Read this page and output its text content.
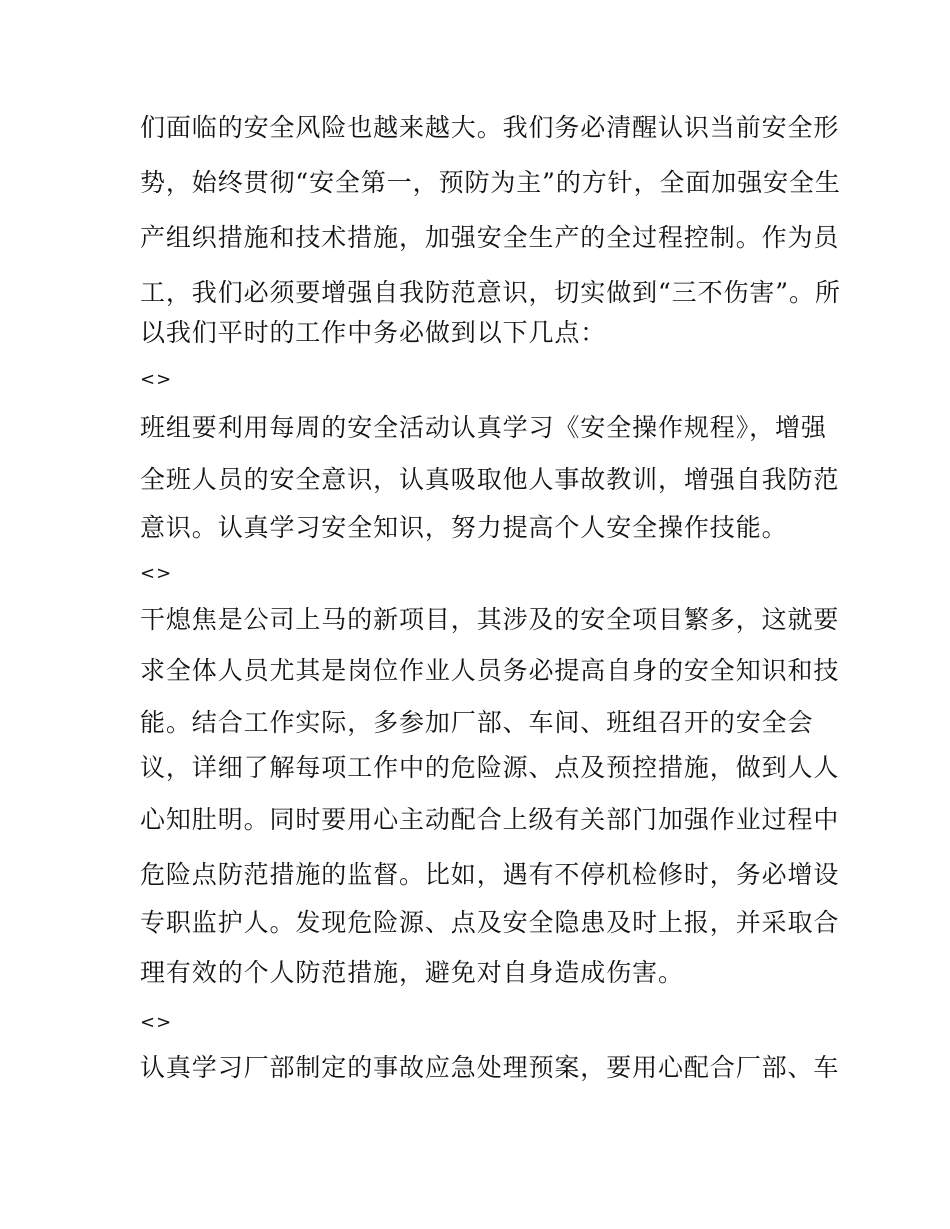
们面临的安全风险也越来越大。我们务必清醒认识当前安全形
势，始终贯彻“安全第一，预防为主”的方针，全面加强安全生
产组织措施和技术措施，加强安全生产的全过程控制。作为员
工，我们必须要增强自我防范意识，切实做到“三不伤害”。所
以我们平时的工作中务必做到以下几点：
<>
班组要利用每周的安全活动认真学习《安全操作规程》，增强
全班人员的安全意识，认真吸取他人事故教训，增强自我防范
意识。认真学习安全知识，努力提高个人安全操作技能。
<>
干熄焦是公司上马的新项目，其涉及的安全项目繁多，这就要
求全体人员尤其是岗位作业人员务必提高自身的安全知识和技
能。结合工作实际，多参加厂部、车间、班组召开的安全会
议，详细了解每项工作中的危险源、点及预控措施，做到人人
心知肚明。同时要用心主动配合上级有关部门加强作业过程中
危险点防范措施的监督。比如，遇有不停机检修时，务必增设
专职监护人。发现危险源、点及安全隐患及时上报，并采取合
理有效的个人防范措施，避免对自身造成伤害。
<>
认真学习厂部制定的事故应急处理预案，要用心配合厂部、车
